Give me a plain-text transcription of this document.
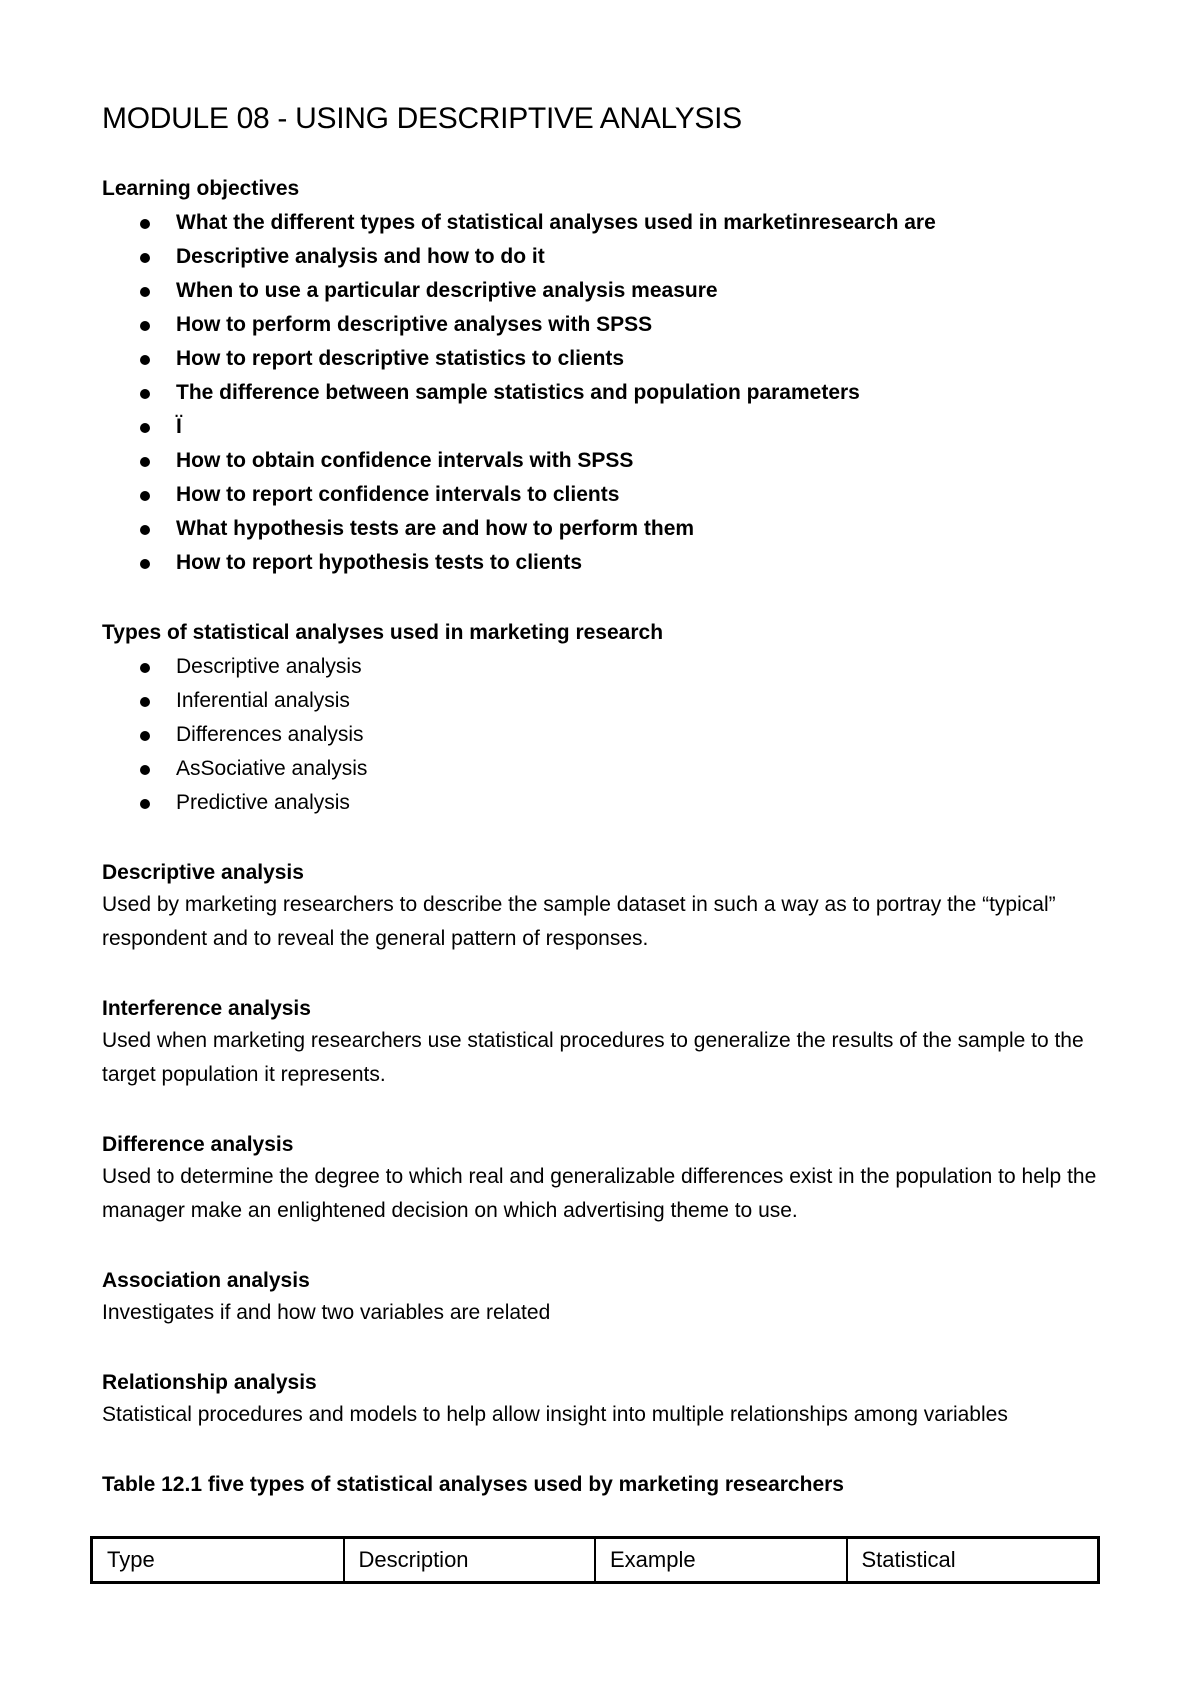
MODULE 08 - USING DESCRIPTIVE ANALYSIS
Learning objectives
What the different types of statistical analyses used in marketinresearch are
Descriptive analysis and how to do it
When to use a particular descriptive analysis measure
How to perform descriptive analyses with SPSS
How to report descriptive statistics to clients
The difference between sample statistics and population parameters
Ï
How to obtain confidence intervals with SPSS
How to report confidence intervals to clients
What hypothesis tests are and how to perform them
How to report hypothesis tests to clients
Types of statistical analyses used in marketing research
Descriptive analysis
Inferential analysis
Differences analysis
AsSociative analysis
Predictive analysis
Descriptive analysis
Used by marketing researchers to describe the sample dataset in such a way as to portray the “typical” respondent and to reveal the general pattern of responses.
Interference analysis
Used when marketing researchers use statistical procedures to generalize the results of the sample to the target population it represents.
Difference analysis
Used to determine the degree to which real and generalizable differences exist in the population to help the manager make an enlightened decision on which advertising theme to use.
Association analysis
Investigates if and how two variables are related
Relationship analysis
Statistical procedures and models to help allow insight into multiple relationships among variables
Table 12.1 five types of statistical analyses used by marketing researchers
Type	Description	Example	Statistical
